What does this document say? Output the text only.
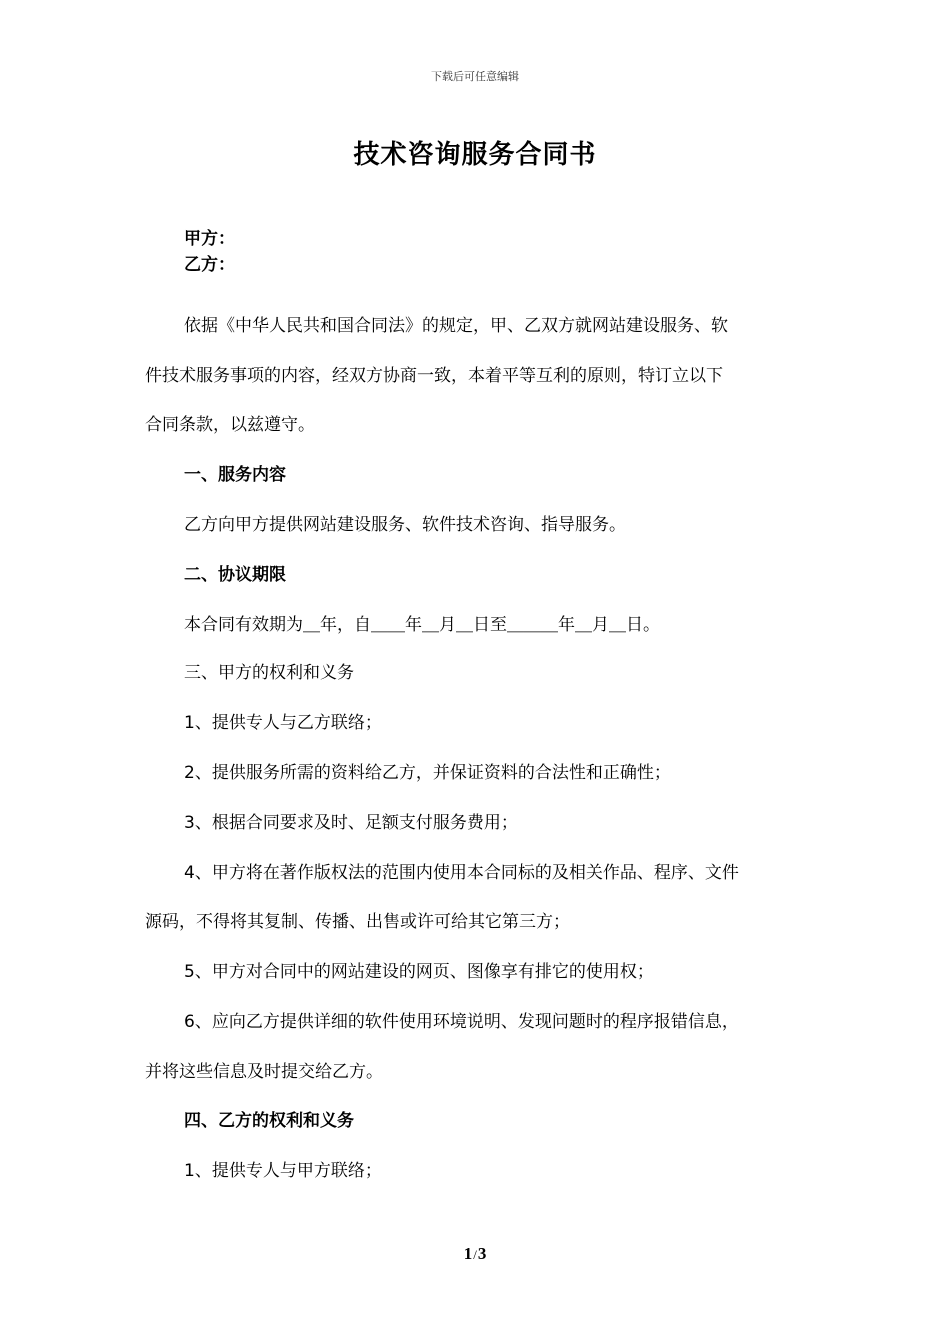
下载后可任意编辑
技术咨询服务合同书
甲方：
乙方：
依据《中华人民共和国合同法》的规定，甲、乙双方就网站建设服务、软
件技术服务事项的内容，经双方协商一致，本着平等互利的原则，特订立以下
合同条款，以兹遵守。
一、服务内容
乙方向甲方提供网站建设服务、软件技术咨询、指导服务。
二、协议期限
本合同有效期为＿年，自＿＿年＿月＿日至＿＿＿年＿月＿日。
三、甲方的权利和义务
1、提供专人与乙方联络；
2、提供服务所需的资料给乙方，并保证资料的合法性和正确性；
3、根据合同要求及时、足额支付服务费用；
4、甲方将在著作版权法的范围内使用本合同标的及相关作品、程序、文件
源码，不得将其复制、传播、出售或许可给其它第三方；
5、甲方对合同中的网站建设的网页、图像享有排它的使用权；
6、应向乙方提供详细的软件使用环境说明、发现问题时的程序报错信息，
并将这些信息及时提交给乙方。
四、乙方的权利和义务
1、提供专人与甲方联络；
1/3
